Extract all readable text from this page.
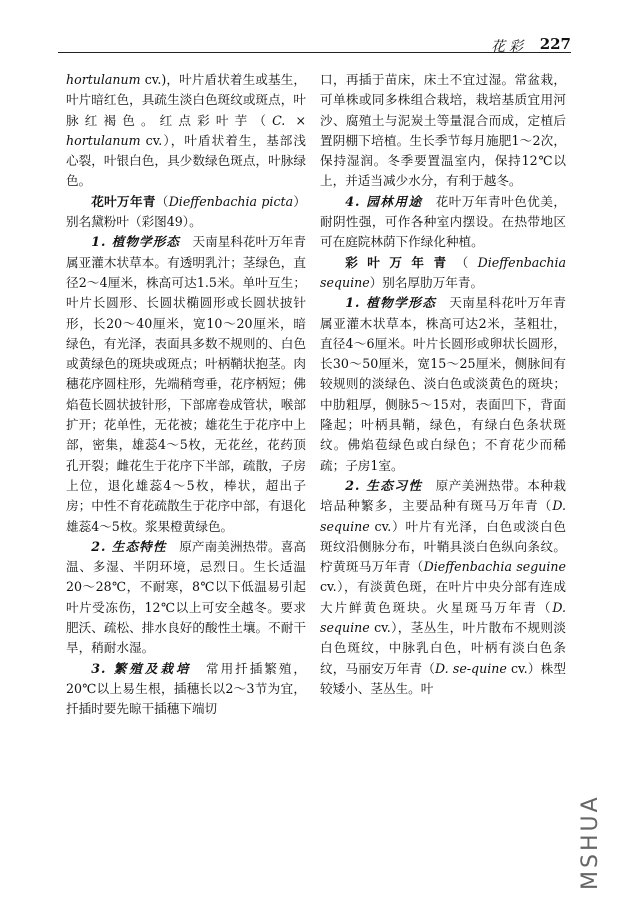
花彩 227

hortulanum cv.)，叶片盾状着生或基生，叶片暗红色，具疏生淡白色斑纹或斑点，叶脉红褐色。红点彩叶芋（C. × hortulanum cv.），叶盾状着生，基部浅心裂，叶银白色，具少数绿色斑点，叶脉绿色。

花叶万年青（Dieffenbachia picta）别名黛粉叶（彩图49）。

1. 植物学形态　天南星科花叶万年青属亚灌木状草本。有透明乳汁；茎绿色，直径2～4厘米，株高可达1.5米。单叶互生；叶片长圆形、长圆状椭圆形或长圆状披针形，长20～40厘米，宽10～20厘米，暗绿色，有光泽，表面具多数不规则的、白色或黄绿色的斑块或斑点；叶柄鞘状抱茎。肉穗花序圆柱形，先端稍弯垂，花序柄短；佛焰苞长圆状披针形，下部席卷成管状，喉部扩开；花单性，无花被；雄花生于花序中上部，密集，雄蕊4～5枚，无花丝，花药顶孔开裂；雌花生于花序下半部，疏散，子房上位，退化雄蕊4～5枚，棒状，超出子房；中性不育花疏散生于花序中部，有退化雄蕊4～5枚。浆果橙黄绿色。

2. 生态特性　原产南美洲热带。喜高温、多湿、半阴环境，忌烈日。生长适温20～28℃，不耐寒，8℃以下低温易引起叶片受冻伤，12℃以上可安全越冬。要求肥沃、疏松、排水良好的酸性土壤。不耐干旱，稍耐水湿。

3. 繁殖及栽培　常用扦插繁殖，20℃以上易生根，插穗长以2～3节为宜，扦插时要先晾干插穗下端切

口，再插于苗床，床土不宜过湿。常盆栽，可单株或同多株组合栽培，栽培基质宜用河沙、腐殖土与泥炭土等量混合而成，定植后置阴棚下培植。生长季节每月施肥1～2次，保持湿润。冬季要置温室内，保持12℃以上，并适当减少水分，有利于越冬。

4. 园林用途　花叶万年青叶色优美，耐阴性强，可作各种室内摆设。在热带地区可在庭院林荫下作绿化种植。

彩叶万年青（Dieffenbachia sequine）别名厚肋万年青。

1. 植物学形态　天南星科花叶万年青属亚灌木状草本，株高可达2米，茎粗壮，直径4～6厘米。叶片长圆形或卵状长圆形，长30～50厘米，宽15～25厘米，侧脉间有较规则的淡绿色、淡白色或淡黄色的斑块；中肋粗厚，侧脉5～15对，表面凹下，背面隆起；叶柄具鞘，绿色，有绿白色条状斑纹。佛焰苞绿色或白绿色；不育花少而稀疏；子房1室。

2. 生态习性　原产美洲热带。本种栽培品种繁多，主要品种有斑马万年青（D. sequine cv.）叶片有光泽，白色或淡白色斑纹沿侧脉分布，叶鞘具淡白色纵向条纹。柠黄斑马万年青（Dieffenbachia seguine cv.），有淡黄色斑，在叶片中央分部有连成大片鲜黄色斑块。火星斑马万年青（D. sequine cv.），茎丛生，叶片散布不规则淡白色斑纹，中脉乳白色，叶柄有淡白色条纹，马丽安万年青（D. se-quine cv.）株型较矮小、茎丛生。叶

MSHUA
